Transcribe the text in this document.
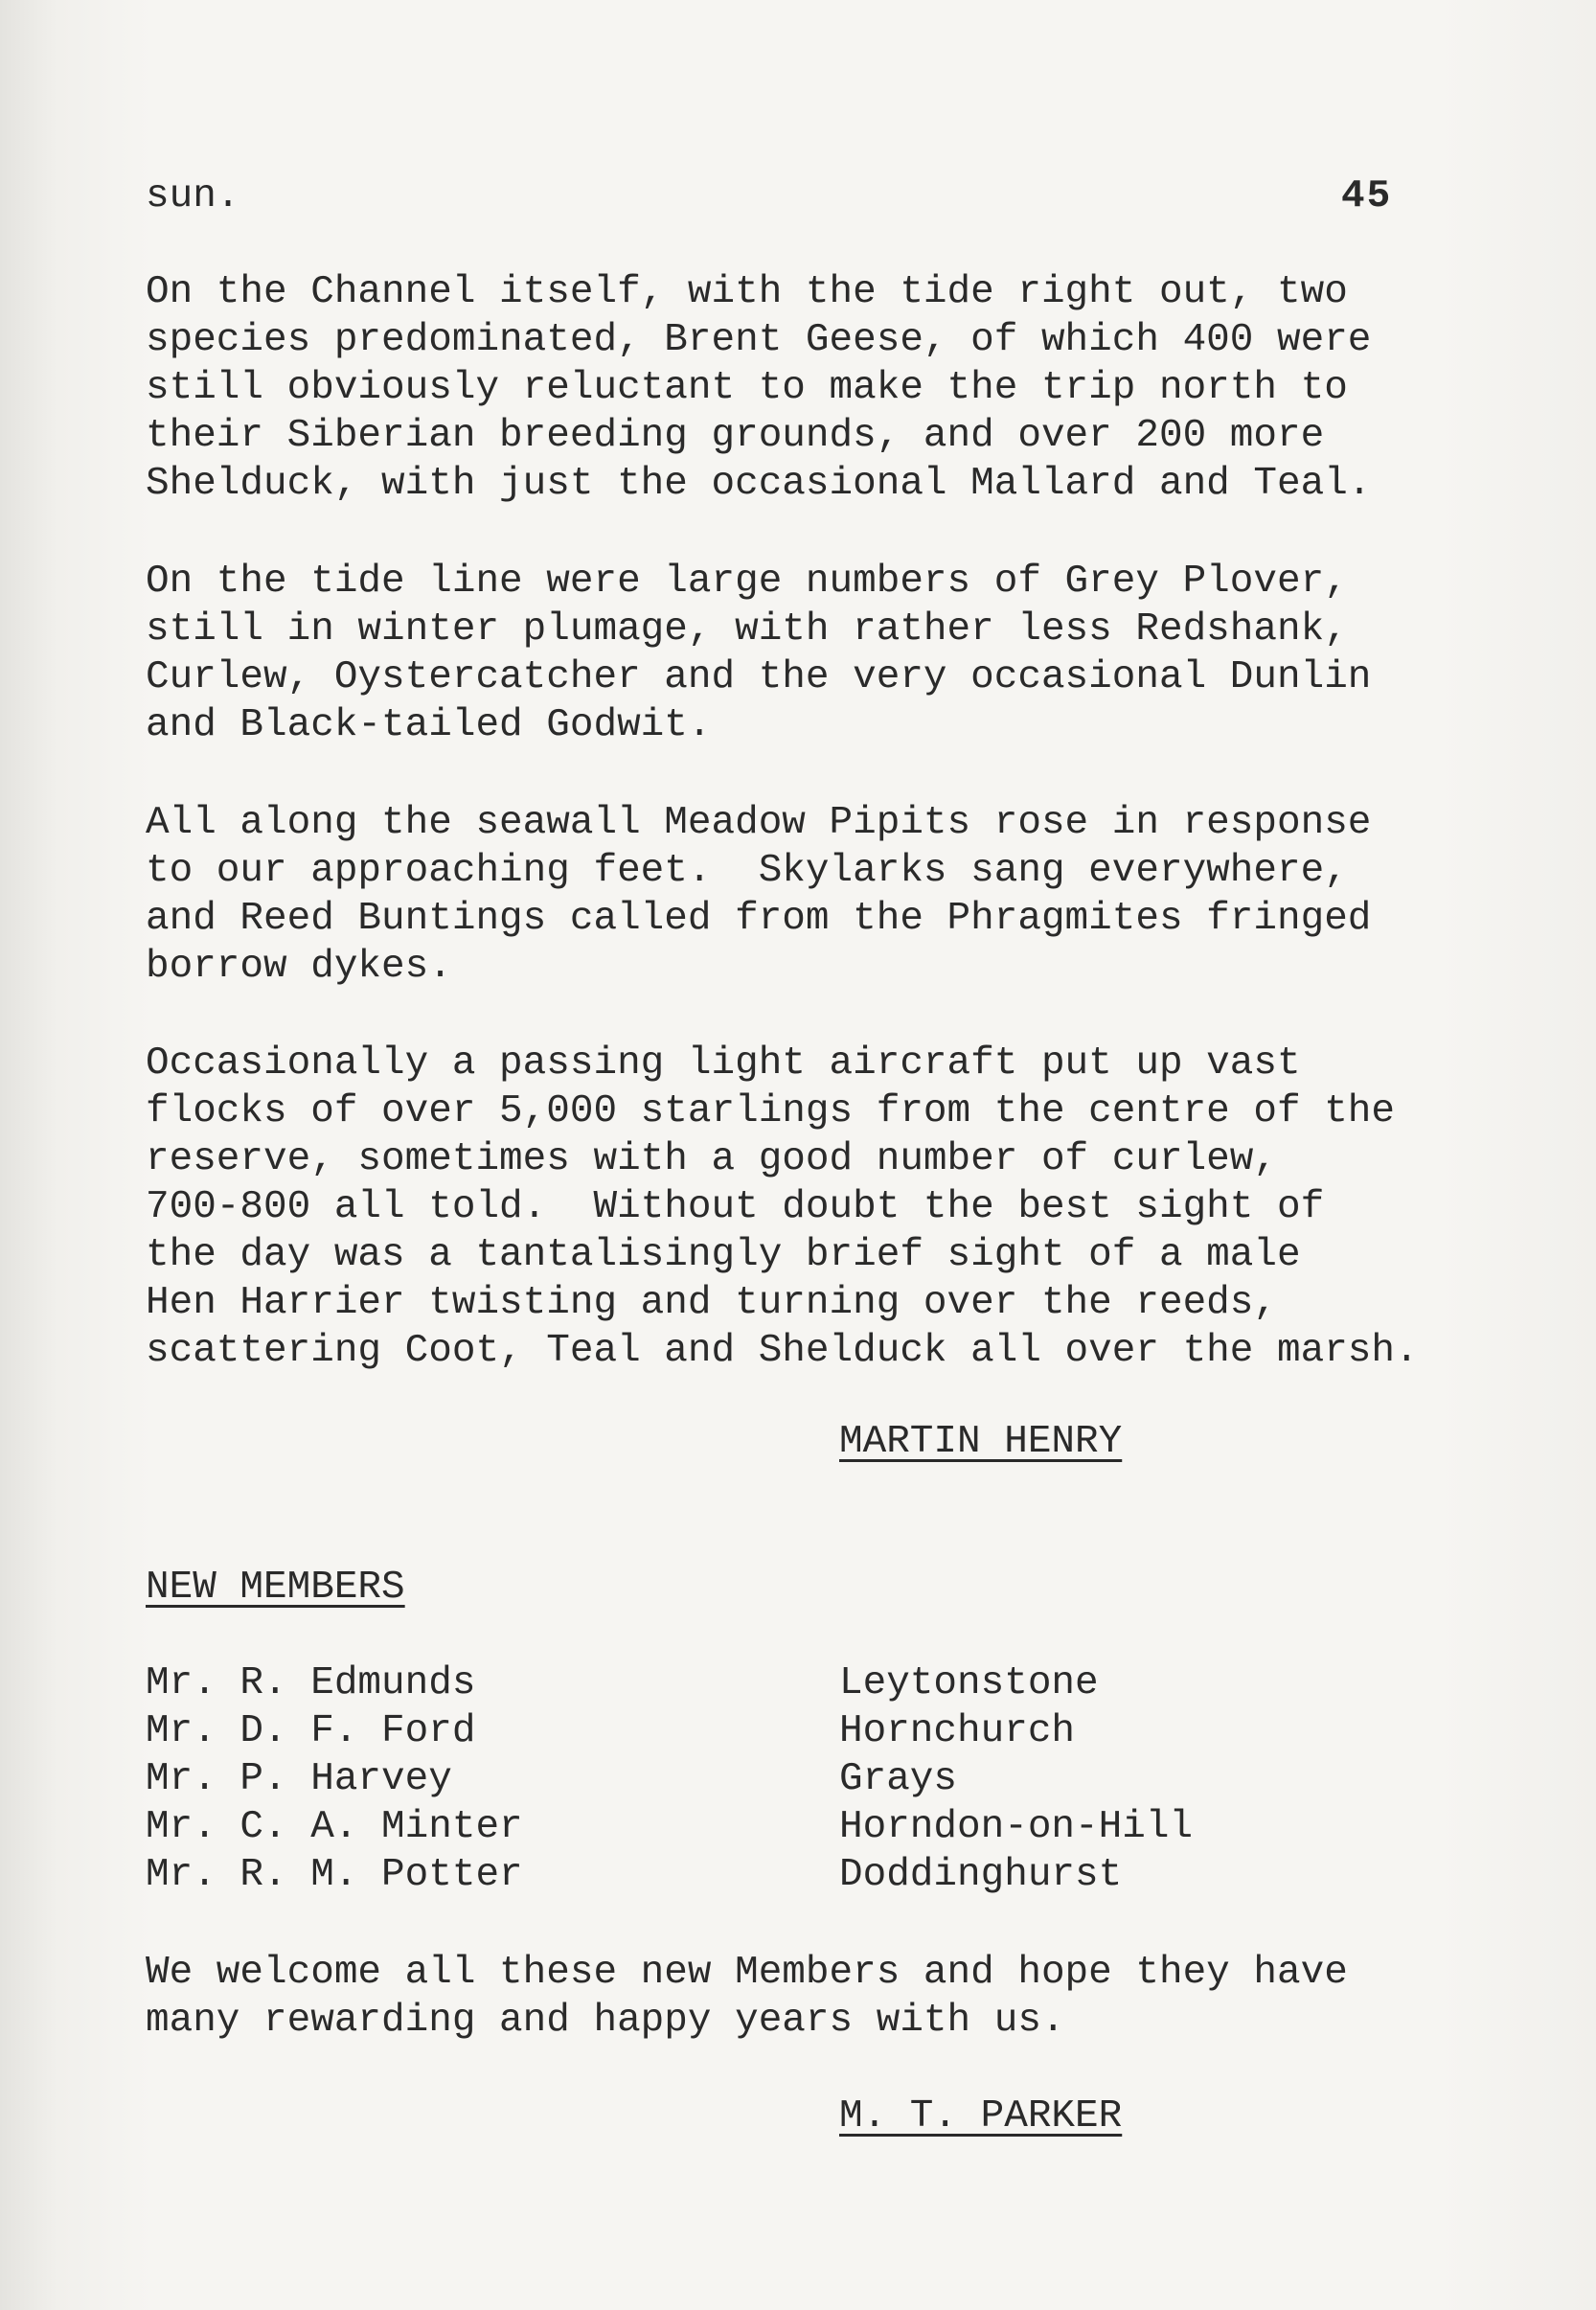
sun.	45
On the Channel itself, with the tide right out, two
species predominated, Brent Geese, of which 400 were
still obviously reluctant to make the trip north to
their Siberian breeding grounds, and over 200 more
Shelduck, with just the occasional Mallard and Teal.
On the tide line were large numbers of Grey Plover,
still in winter plumage, with rather less Redshank,
Curlew, Oystercatcher and the very occasional Dunlin
and Black-tailed Godwit.
All along the seawall Meadow Pipits rose in response
to our approaching feet.  Skylarks sang everywhere,
and Reed Buntings called from the Phragmites fringed
borrow dykes.
Occasionally a passing light aircraft put up vast
flocks of over 5,000 starlings from the centre of the
reserve, sometimes with a good number of curlew,
700-800 all told.  Without doubt the best sight of
the day was a tantalisingly brief sight of a male
Hen Harrier twisting and turning over the reeds,
scattering Coot, Teal and Shelduck all over the marsh.
MARTIN HENRY
NEW MEMBERS
Mr. R. Edmunds	Leytonstone
Mr. D. F. Ford	Hornchurch
Mr. P. Harvey	Grays
Mr. C. A. Minter	Horndon-on-Hill
Mr. R. M. Potter	Doddinghurst
We welcome all these new Members and hope they have
many rewarding and happy years with us.
M. T. PARKER
